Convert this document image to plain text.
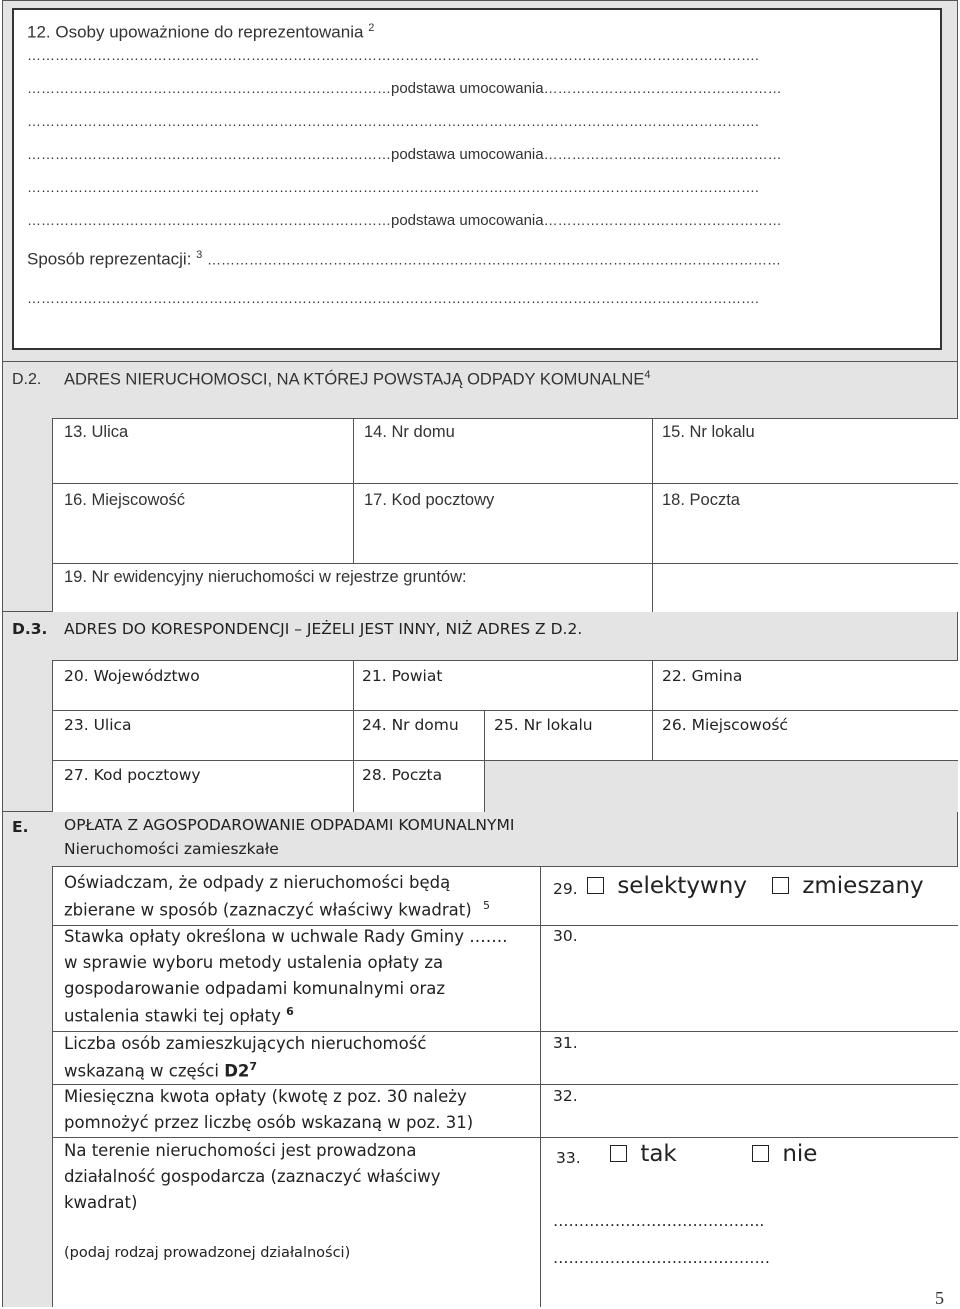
12. Osoby upoważnione do reprezentowania $^2$
………………………………………………………………………………………………………………………………………….
……………………………………………………………………podstawa umocowania……………………………………………
………………………………………………………………………………………………………………………………………….
……………………………………………………………………podstawa umocowania……………………………………………
………………………………………………………………………………………………………………………………………….
……………………………………………………………………podstawa umocowania……………………………………………
Sposób reprezentacji: $^3$ ……………………………………………………………………………………………………………
………………………………………………………………………………………………………………………………………….
D.2. ADRES NIERUCHOMOSCI, NA KTÓREJ POWSTAJĄ ODPADY KOMUNALNE$^4$
13. Ulica	14. Nr domu	15. Nr lokalu
16. Miejscowość	17. Kod pocztowy	18. Poczta
19. Nr ewidencyjny nieruchomości w rejestrze gruntów:
D.3. ADRES DO KORESPONDENCJI – JEŻELI JEST INNY, NIŻ ADRES Z D.2.
20. Województwo	21. Powiat	22. Gmina
23. Ulica	24. Nr domu 25. Nr lokalu	26. Miejscowość
27. Kod pocztowy	28. Poczta
E. OPŁATA Z AGOSPODAROWANIE ODPADAMI KOMUNALNYMI
Nieruchomości zamieszkałe
Oświadczam, że odpady z nieruchomości będą
zbierane w sposób (zaznaczyć właściwy kwadrat) $^5$
29.	selektywny	zmieszany
Stawka opłaty określona w uchwale Rady Gminy …….
w sprawie wyboru metody ustalenia opłaty za
gospodarowanie odpadami komunalnymi oraz
ustalenia stawki tej opłaty $^6$
30.
Liczba osób zamieszkujących nieruchomość
wskazaną w części $D2^7$
31.
Miesięczna kwota opłaty (kwotę z poz. 30 należy
pomnożyć przez liczbę osób wskazaną w poz. 31)
32.
Na terenie nieruchomości jest prowadzona
działalność gospodarcza (zaznaczyć właściwy
kwadrat)
(podaj rodzaj prowadzonej działalności)
33.	tak	nie
…………………………………..
……………………………………
5
